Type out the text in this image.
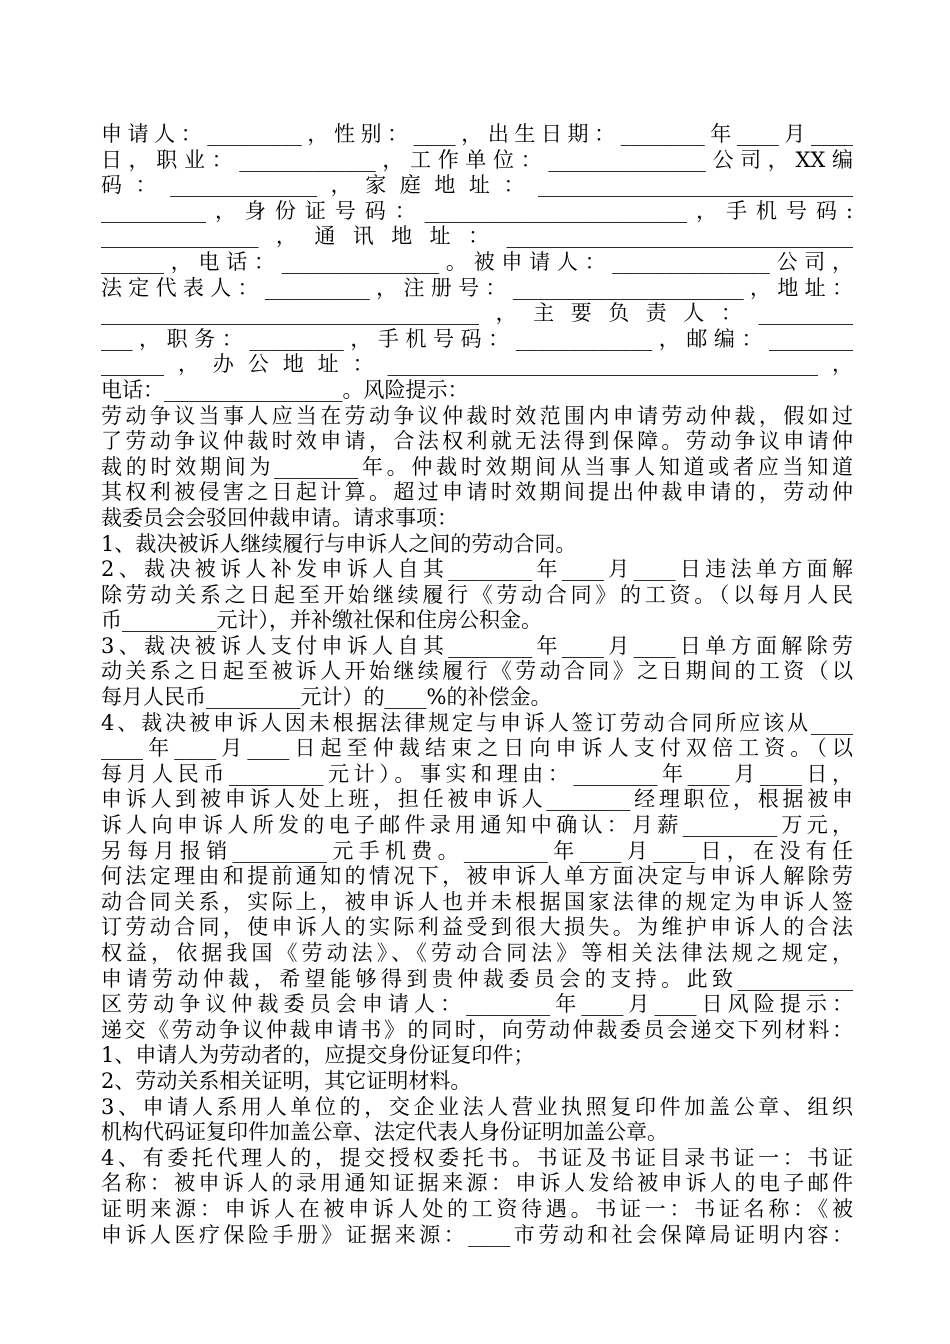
申请人：_________，性别：____，出生日期：________年____月____
日，职业：_____________，工作单位：_______________公司，XX编
码：______________，家庭地址：______________________________
__________，身份证号码：_________________________，手机号码:
_______________，通讯地址：_________________________________
______，电话：_______________。被申请人：_______________公司，
法定代表人：__________，注册号：______________________，地址：
____________________________________，主要负责人：_________
___，职务：_________，手机号码：_____________，邮编：________
______，办公地址：_________________________________________，
电话：_________________。风险提示：
劳动争议当事人应当在劳动争议仲裁时效范围内申请劳动仲裁，假如过
了劳动争议仲裁时效申请，合法权利就无法得到保障。劳动争议申请仲
裁的时效期间为________年。仲裁时效期间从当事人知道或者应当知道
其权利被侵害之日起计算。超过申请时效期间提出仲裁申请的，劳动仲
裁委员会会驳回仲裁申请。请求事项：
1、裁决被诉人继续履行与申诉人之间的劳动合同。
2、裁决被诉人补发申诉人自其________年____月____日违法单方面解
除劳动关系之日起至开始继续履行《劳动合同》的工资。（以每月人民
币_________元计），并补缴社保和住房公积金。
3、裁决被诉人支付申诉人自其________年____月____日单方面解除劳
动关系之日起至被诉人开始继续履行《劳动合同》之日期间的工资（以
每月人民币_________元计）的____%的补偿金。
4、裁决被申诉人因未根据法律规定与申诉人签订劳动合同所应该从____
____年____月____日起至仲裁结束之日向申诉人支付双倍工资。（以
每月人民币_________元计）。事实和理由：________年____月____日，
申诉人到被申诉人处上班，担任被申诉人________经理职位，根据被申
诉人向申诉人所发的电子邮件录用通知中确认：月薪_________万元，
另每月报销_________元手机费。________年____月____日，在没有任
何法定理由和提前通知的情况下，被申诉人单方面决定与申诉人解除劳
动合同关系，实际上，被申诉人也并未根据国家法律的规定为申诉人签
订劳动合同，使申诉人的实际利益受到很大损失。为维护申诉人的合法
权益，依据我国《劳动法》、《劳动合同法》等相关法律法规之规定，
申请劳动仲裁，希望能够得到贵仲裁委员会的支持。此致___________
区劳动争议仲裁委员会申请人：________年____月____日风险提示：
递交《劳动争议仲裁申请书》的同时，向劳动仲裁委员会递交下列材料：
1、申请人为劳动者的，应提交身份证复印件；
2、劳动关系相关证明，其它证明材料。
3、申请人系用人单位的，交企业法人营业执照复印件加盖公章、组织
机构代码证复印件加盖公章、法定代表人身份证明加盖公章。
4、有委托代理人的，提交授权委托书。书证及书证目录书证一：书证
名称：被申诉人的录用通知证据来源：申诉人发给被申诉人的电子邮件
证明来源：申诉人在被申诉人处的工资待遇。书证一：书证名称：《被
申诉人医疗保险手册》证据来源：____市劳动和社会保障局证明内容：
